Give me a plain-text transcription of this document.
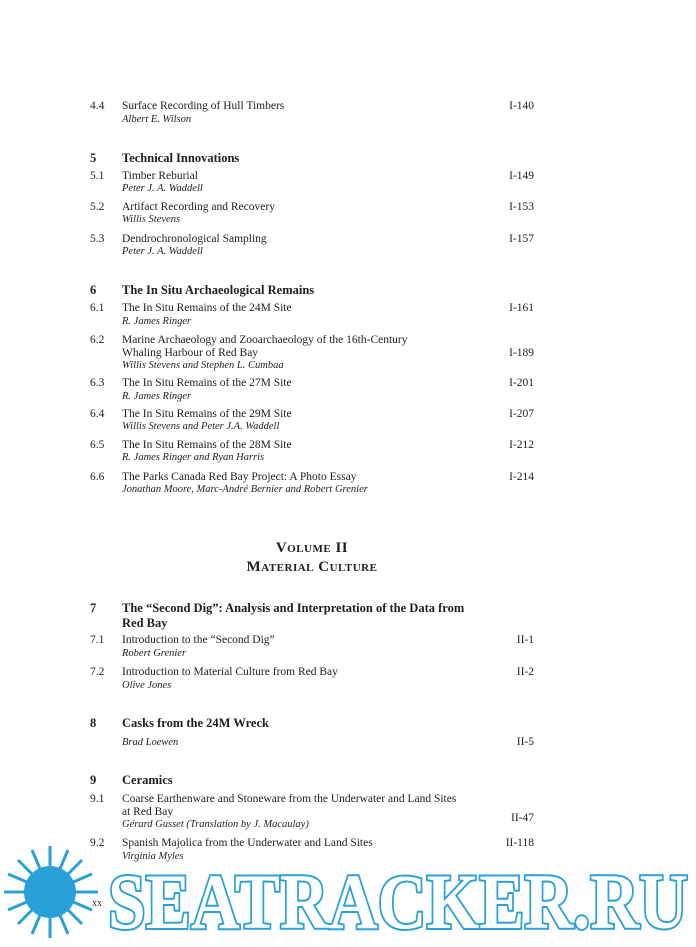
4.4 Surface Recording of Hull Timbers
Albert E. Wilson
I-140
5 Technical Innovations
5.1 Timber Reburial
Peter J. A. Waddell
I-149
5.2 Artifact Recording and Recovery
Willis Stevens
I-153
5.3 Dendrochronological Sampling
Peter J. A. Waddell
I-157
6 The In Situ Archaeological Remains
6.1 The In Situ Remains of the 24M Site
R. James Ringer
I-161
6.2 Marine Archaeology and Zooarchaeology of the 16th-Century
Whaling Harbour of Red Bay
Willis Stevens and Stephen L. Cumbaa
I-189
6.3 The In Situ Remains of the 27M Site
R. James Ringer
I-201
6.4 The In Situ Remains of the 29M Site
Willis Stevens and Peter J.A. Waddell
I-207
6.5 The In Situ Remains of the 28M Site
R. James Ringer and Ryan Harris
I-212
6.6 The Parks Canada Red Bay Project: A Photo Essay
Jonathan Moore, Marc-André Bernier and Robert Grenier
I-214
Volume II
Material Culture
7 The “Second Dig”: Analysis and Interpretation of the Data from
Red Bay
7.1 Introduction to the “Second Dig”
Robert Grenier
II-1
7.2 Introduction to Material Culture from Red Bay
Olive Jones
II-2
8 Casks from the 24M Wreck
Brad Loewen	II-5
9 Ceramics
9.1 Coarse Earthenware and Stoneware from the Underwater and Land Sites
at Red Bay
Gérard Gusset (Translation by J. Macaulay)
II-47
9.2 Spanish Majolica from the Underwater and Land Sites
Virginia Myles
II-118
SEATRACKER.RU
xx
